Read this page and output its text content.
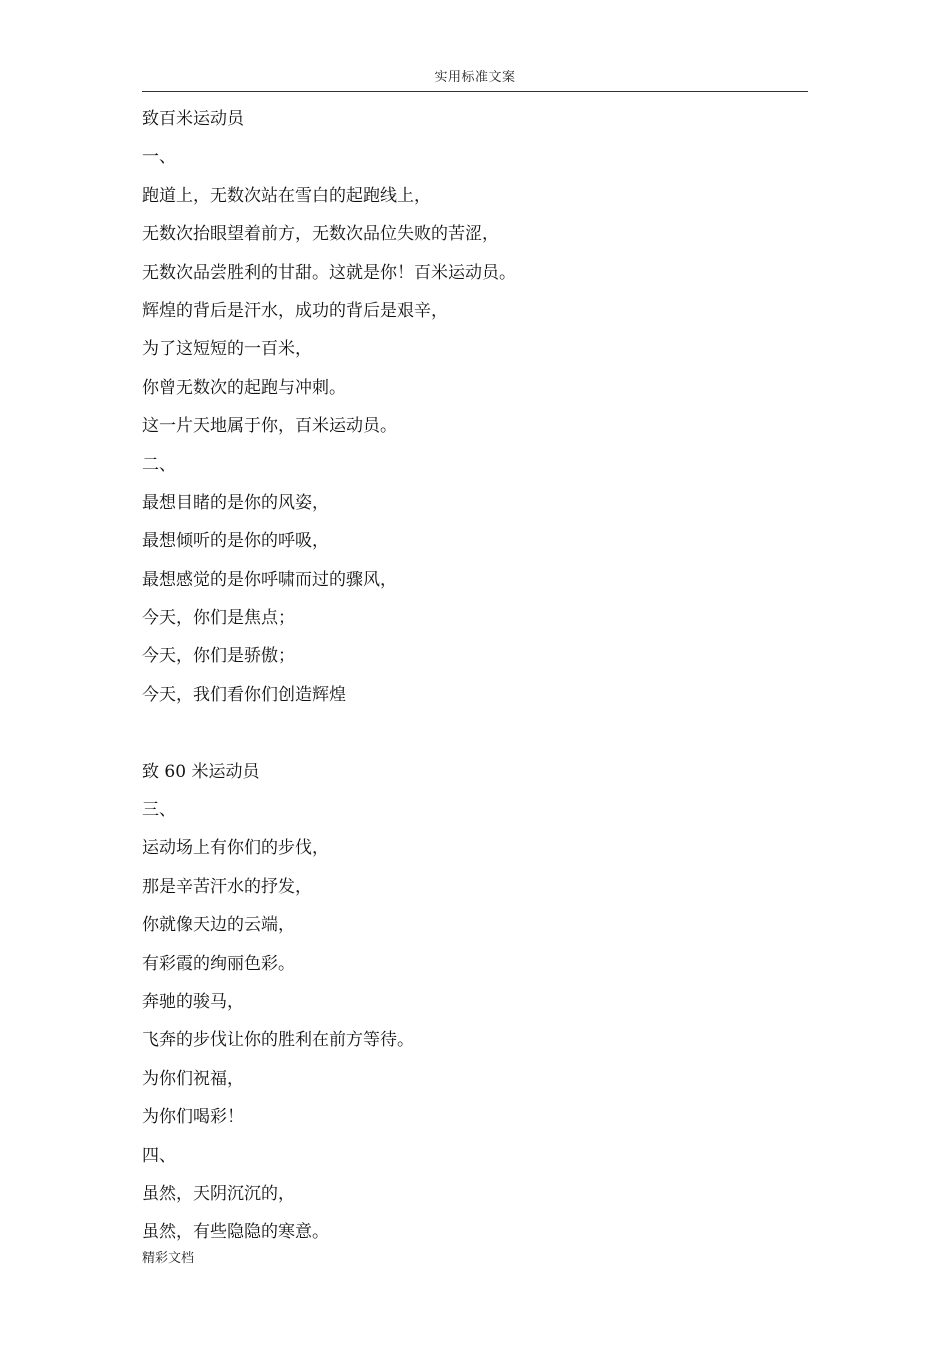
实用标准文案
致百米运动员
一、
跑道上，无数次站在雪白的起跑线上，
无数次抬眼望着前方，无数次品位失败的苦涩，
无数次品尝胜利的甘甜。这就是你！百米运动员。
辉煌的背后是汗水，成功的背后是艰辛，
为了这短短的一百米，
你曾无数次的起跑与冲刺。
这一片天地属于你，百米运动员。
二、
最想目睹的是你的风姿，
最想倾听的是你的呼吸，
最想感觉的是你呼啸而过的骤风，
今天，你们是焦点；
今天，你们是骄傲；
今天，我们看你们创造辉煌
致 60 米运动员
三、
运动场上有你们的步伐，
那是辛苦汗水的抒发，
你就像天边的云端，
有彩霞的绚丽色彩。
奔驰的骏马，
飞奔的步伐让你的胜利在前方等待。
为你们祝福，
为你们喝彩！
四、
虽然，天阴沉沉的，
虽然，有些隐隐的寒意。
精彩文档
